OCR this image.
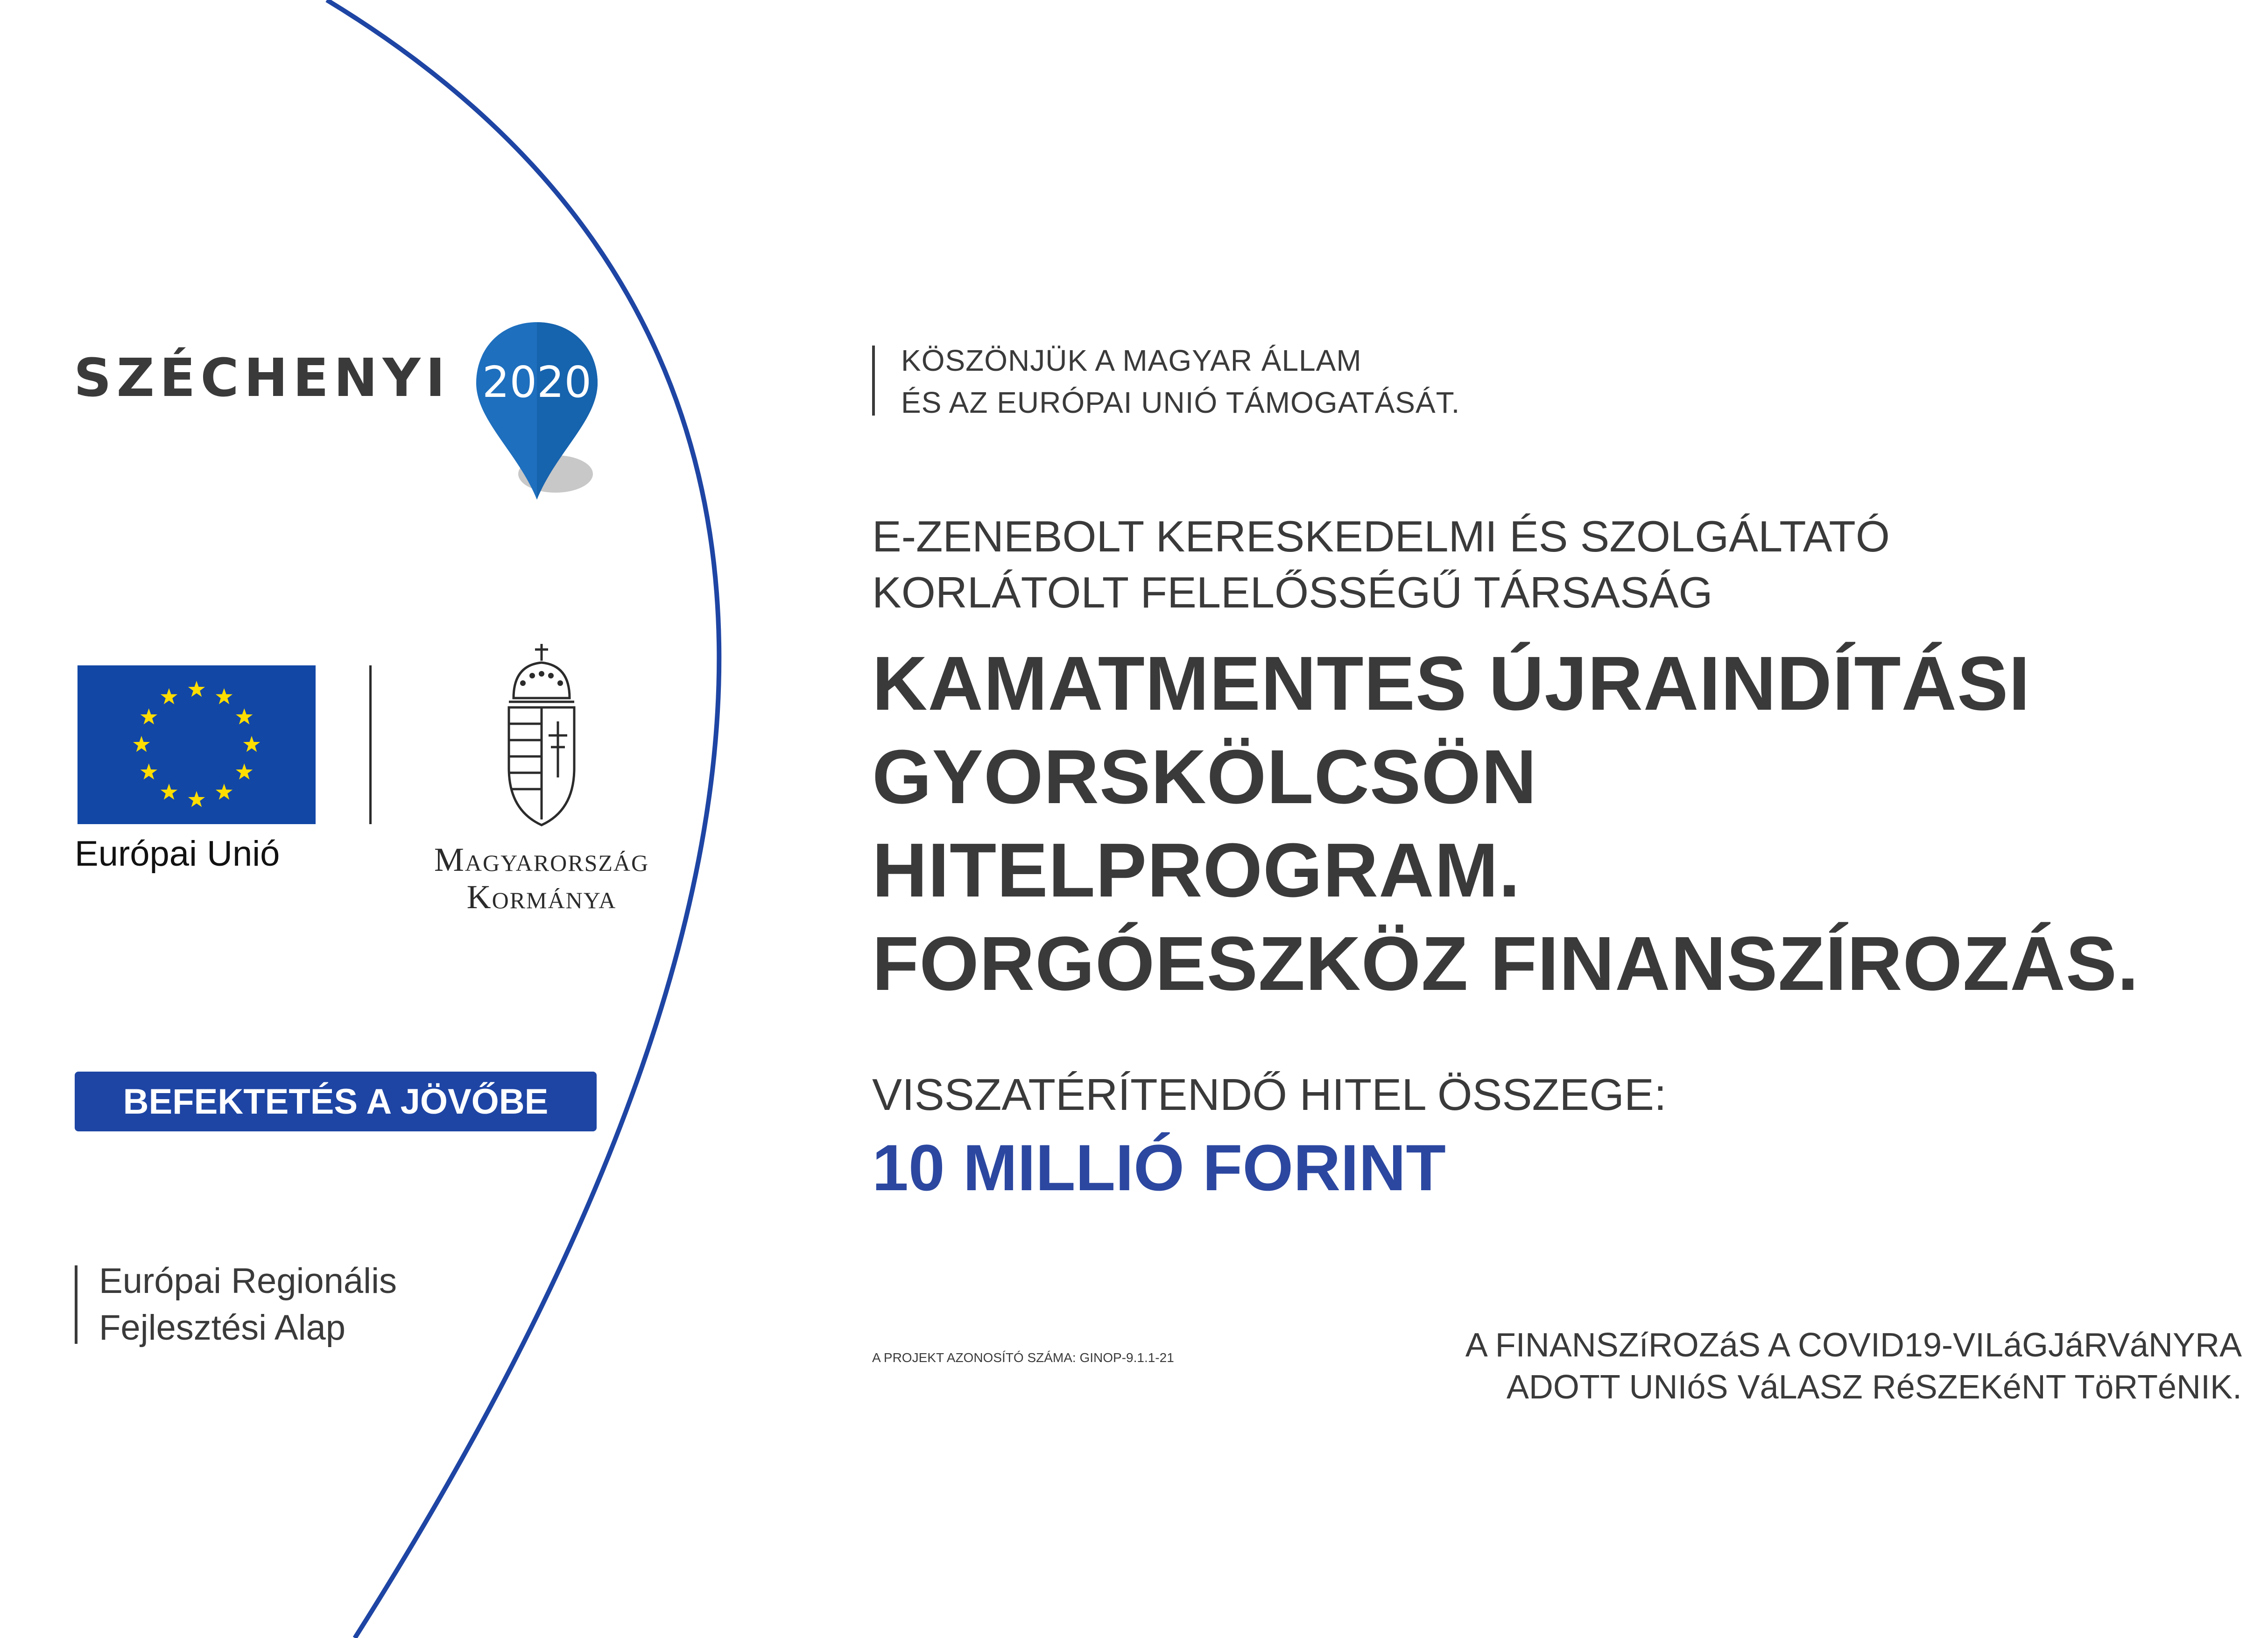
SZÉCHENYI 2020
Európai Unió	Magyarország
Kormánya
BEFEKTETÉS A JÖVŐBE
Európai Regionális
Fejlesztési Alap
KÖSZÖNJÜK A MAGYAR ÁLLAM
ÉS AZ EURÓPAI UNIÓ TÁMOGATÁSÁT.
E-ZENEBOLT KERESKEDELMI ÉS SZOLGÁLTATÓ
KORLÁTOLT FELELŐSSÉGŰ TÁRSASÁG
KAMATMENTES ÚJRAINDÍTÁSI
GYORSKÖLCSÖN
HITELPROGRAM.
FORGÓESZKÖZ FINANSZÍROZÁS.
VISSZATÉRÍTENDŐ HITEL ÖSSZEGE:
10 MILLIÓ FORINT
A PROJEKT AZONOSÍTÓ SZÁMA: GINOP-9.1.1-21	A FINANSZíROZáS A COVID19-VILáGJáRVáNYRA
ADOTT UNIóS VáLASZ RéSZEKéNT TöRTéNIK.
